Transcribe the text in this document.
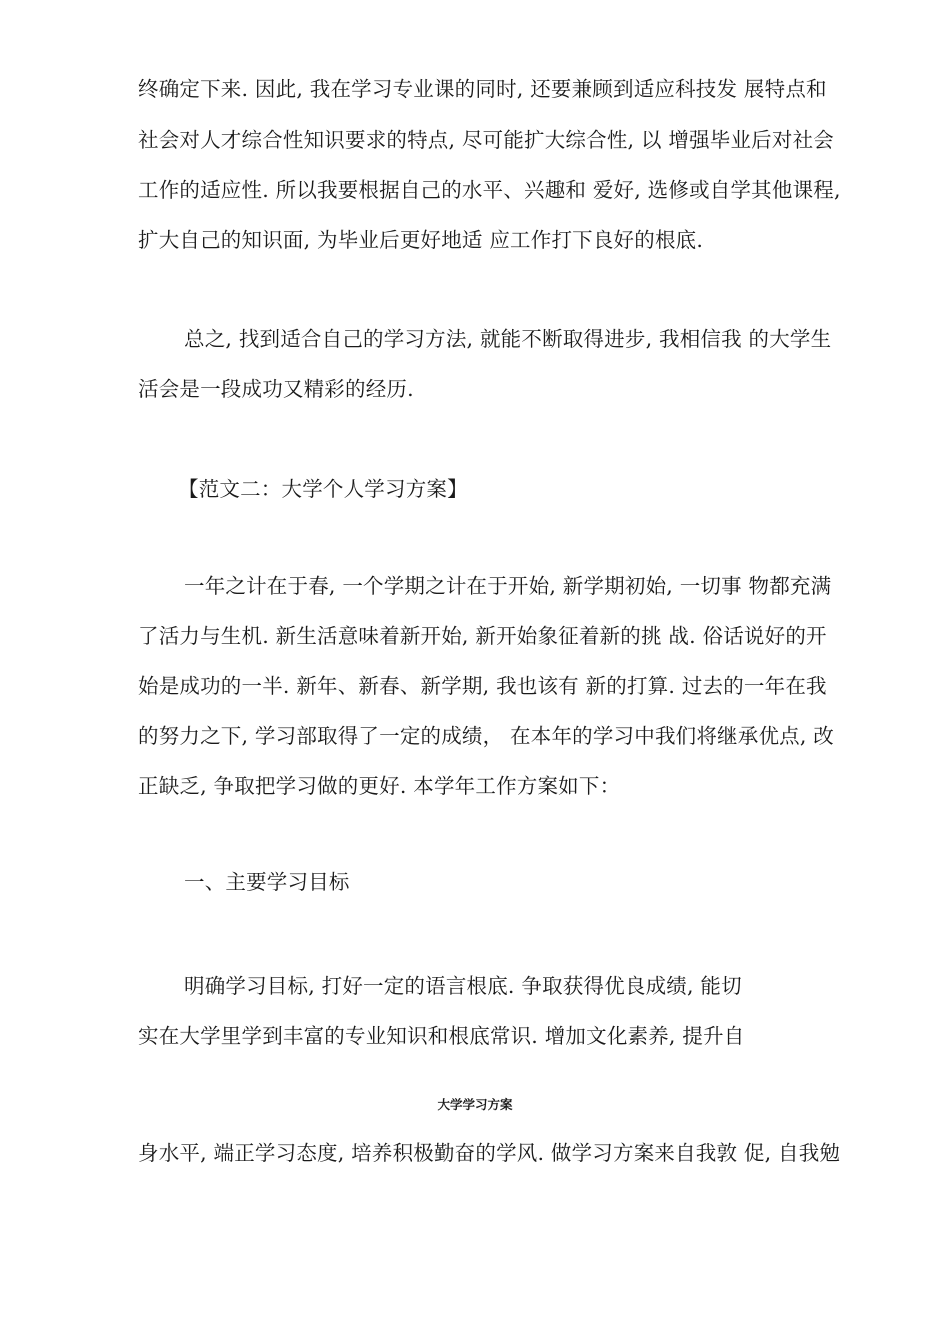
终确定下来. 因此, 我在学习专业课的同时, 还要兼顾到适应科技发 展特点和
社会对人才综合性知识要求的特点, 尽可能扩大综合性, 以 增强毕业后对社会
工作的适应性. 所以我要根据自己的水平、兴趣和 爱好, 选修或自学其他课程,
扩大自己的知识面, 为毕业后更好地适 应工作打下良好的根底.
总之, 找到适合自己的学习方法, 就能不断取得进步, 我相信我 的大学生
活会是一段成功又精彩的经历.
【范文二：大学个人学习方案】
一年之计在于春, 一个学期之计在于开始, 新学期初始, 一切事 物都充满
了活力与生机. 新生活意味着新开始, 新开始象征着新的挑 战. 俗话说好的开
始是成功的一半. 新年、新春、新学期, 我也该有 新的打算. 过去的一年在我
的努力之下, 学习部取得了一定的成绩， 在本年的学习中我们将继承优点, 改
正缺乏, 争取把学习做的更好. 本学年工作方案如下：
一、主要学习目标
明确学习目标, 打好一定的语言根底. 争取获得优良成绩, 能切
实在大学里学到丰富的专业知识和根底常识. 增加文化素养, 提升自
大学学习方案
身水平, 端正学习态度, 培养积极勤奋的学风. 做学习方案来自我敦 促, 自我勉
